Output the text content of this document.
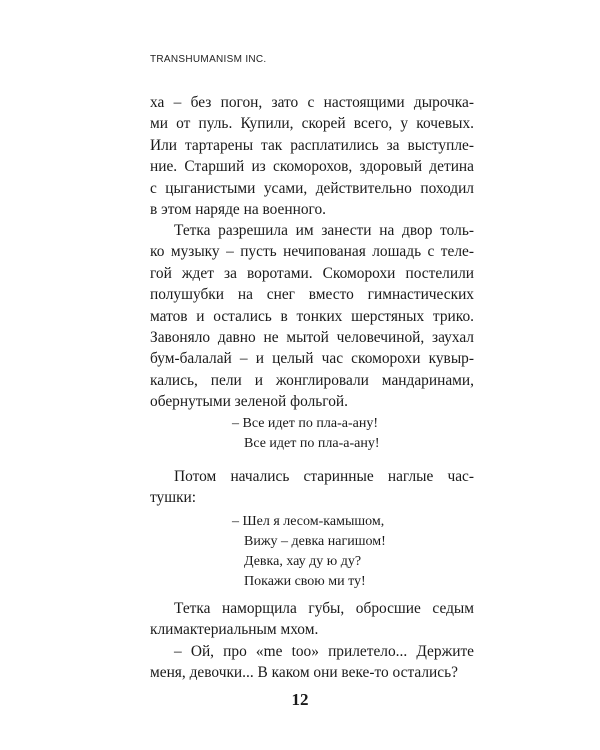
TRANSHUMANISM INC.
ха – без погон, зато с настоящими дырочка-
ми от пуль. Купили, скорей всего, у кочевых.
Или тартарены так расплатились за выступле-
ние. Старший из скоморохов, здоровый детина
с цыганистыми усами, действительно походил
в этом наряде на военного.
Тетка разрешила им занести на двор толь-
ко музыку – пусть нечипованая лошадь с теле-
гой ждет за воротами. Скоморохи постелили
полушубки на снег вместо гимнастических
матов и остались в тонких шерстяных трико.
Завоняло давно не мытой человечиной, заухал
бум-балалай – и целый час скоморохи кувыр-
кались, пели и жонглировали мандаринами,
обернутыми зеленой фольгой.
– Все идет по пла-а-ану!
Все идет по пла-а-ану!
Потом начались старинные наглые час-
тушки:
– Шел я лесом-камышом,
Вижу – девка нагишом!
Девка, хау ду ю ду?
Покажи свою ми ту!
Тетка наморщила губы, обросшие седым
климактериальным мхом.
– Ой, про «me too» прилетело... Держите
меня, девочки... В каком они веке-то остались?
12
